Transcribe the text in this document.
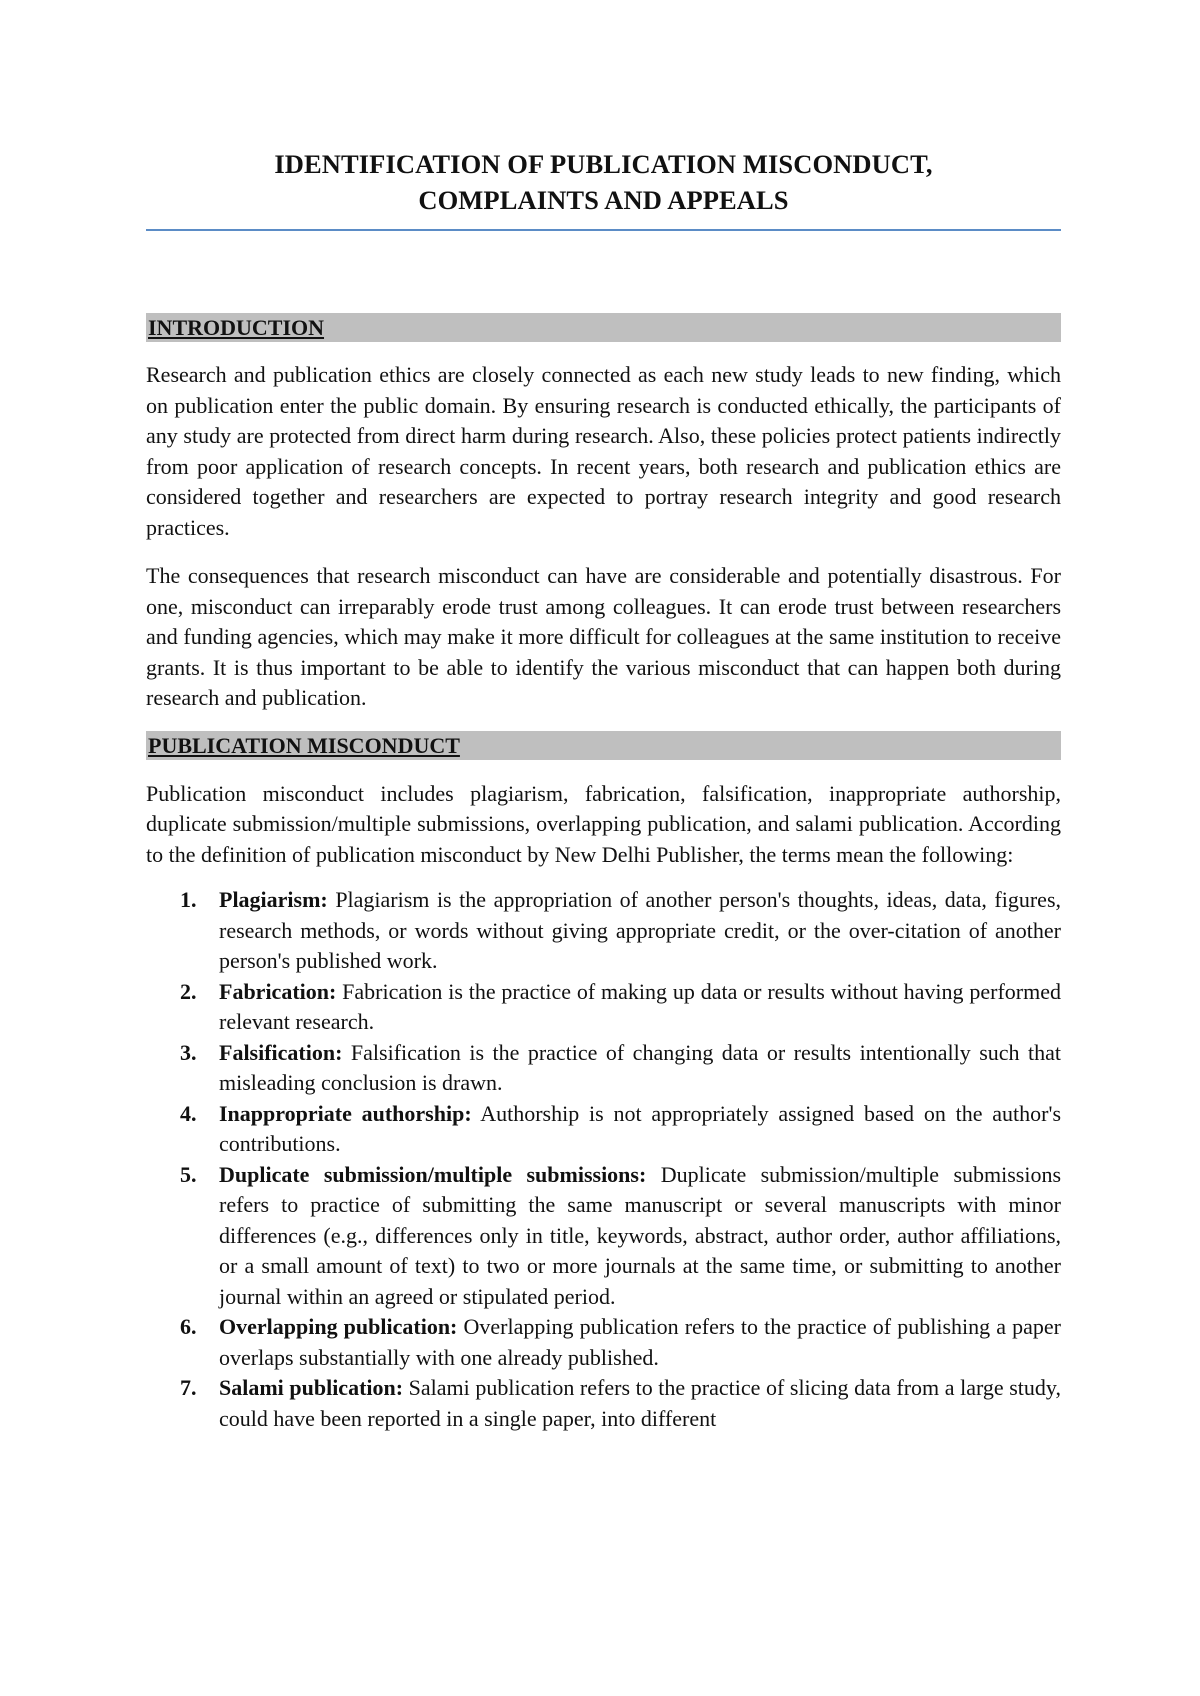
IDENTIFICATION OF PUBLICATION MISCONDUCT,
COMPLAINTS AND APPEALS
INTRODUCTION

Research and publication ethics are closely connected as each new study leads to new finding, which on publication enter the public domain. By ensuring research is conducted ethically, the participants of any study are protected from direct harm during research. Also, these policies protect patients indirectly from poor application of research concepts. In recent years, both research and publication ethics are considered together and researchers are expected to portray research integrity and good research practices.

The consequences that research misconduct can have are considerable and potentially disastrous. For one, misconduct can irreparably erode trust among colleagues. It can erode trust between researchers and funding agencies, which may make it more difficult for colleagues at the same institution to receive grants. It is thus important to be able to identify the various misconduct that can happen both during research and publication.

PUBLICATION MISCONDUCT

Publication misconduct includes plagiarism, fabrication, falsification, inappropriate authorship, duplicate submission/multiple submissions, overlapping publication, and salami publication. According to the definition of publication misconduct by New Delhi Publisher, the terms mean the following:

1. Plagiarism: Plagiarism is the appropriation of another person's thoughts, ideas, data, figures, research methods, or words without giving appropriate credit, or the over-citation of another person's published work.
2. Fabrication: Fabrication is the practice of making up data or results without having performed relevant research.
3. Falsification: Falsification is the practice of changing data or results intentionally such that misleading conclusion is drawn.
4. Inappropriate authorship: Authorship is not appropriately assigned based on the author's contributions.
5. Duplicate submission/multiple submissions: Duplicate submission/multiple submissions refers to practice of submitting the same manuscript or several manuscripts with minor differences (e.g., differences only in title, keywords, abstract, author order, author affiliations, or a small amount of text) to two or more journals at the same time, or submitting to another journal within an agreed or stipulated period.
6. Overlapping publication: Overlapping publication refers to the practice of publishing a paper overlaps substantially with one already published.
7. Salami publication: Salami publication refers to the practice of slicing data from a large study, could have been reported in a single paper, into different
